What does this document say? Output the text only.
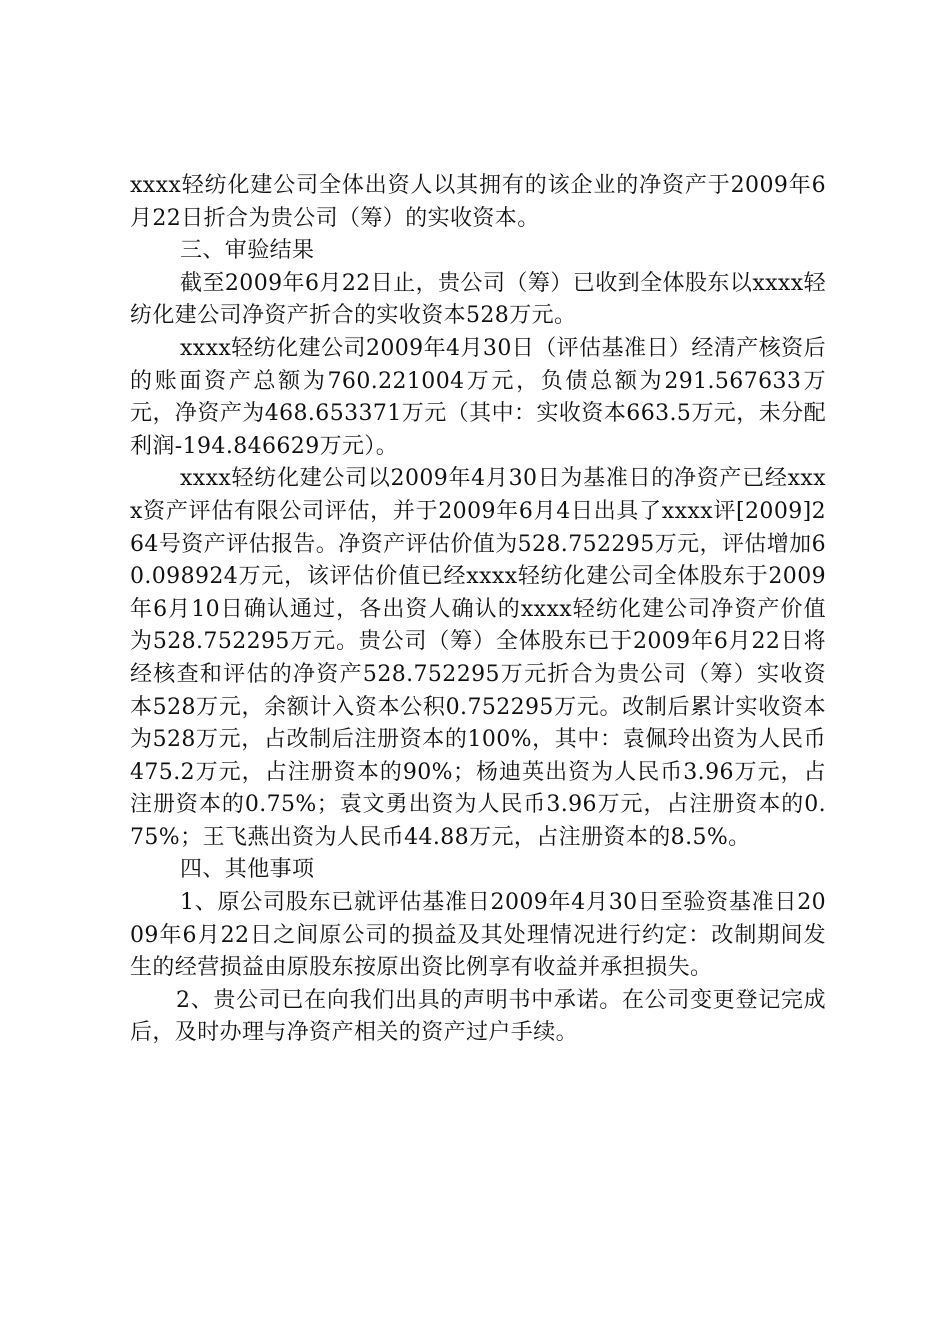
xxxx轻纺化建公司全体出资人以其拥有的该企业的净资产于2009年6月22日折合为贵公司（筹）的实收资本。

三、审验结果

截至2009年6月22日止，贵公司（筹）已收到全体股东以xxxx轻纺化建公司净资产折合的实收资本528万元。

xxxx轻纺化建公司2009年4月30日（评估基准日）经清产核资后的账面资产总额为760.221004万元，负债总额为291.567633万元，净资产为468.653371万元（其中：实收资本663.5万元，未分配利润-194.846629万元）。

xxxx轻纺化建公司以2009年4月30日为基准日的净资产已经xxxx资产评估有限公司评估，并于2009年6月4日出具了xxxx评[2009]264号资产评估报告。净资产评估价值为528.752295万元，评估增加60.098924万元，该评估价值已经xxxx轻纺化建公司全体股东于2009年6月10日确认通过，各出资人确认的xxxx轻纺化建公司净资产价值为528.752295万元。贵公司（筹）全体股东已于2009年6月22日将经核查和评估的净资产528.752295万元折合为贵公司（筹）实收资本528万元，余额计入资本公积0.752295万元。改制后累计实收资本为528万元，占改制后注册资本的100%，其中：袁佩玲出资为人民币475.2万元，占注册资本的90%；杨迪英出资为人民币3.96万元，占注册资本的0.75%；袁文勇出资为人民币3.96万元，占注册资本的0.75%；王飞燕出资为人民币44.88万元，占注册资本的8.5%。

四、其他事项

1、原公司股东已就评估基准日2009年4月30日至验资基准日2009年6月22日之间原公司的损益及其处理情况进行约定：改制期间发生的经营损益由原股东按原出资比例享有收益并承担损失。

2、贵公司已在向我们出具的声明书中承诺。在公司变更登记完成后，及时办理与净资产相关的资产过户手续。
